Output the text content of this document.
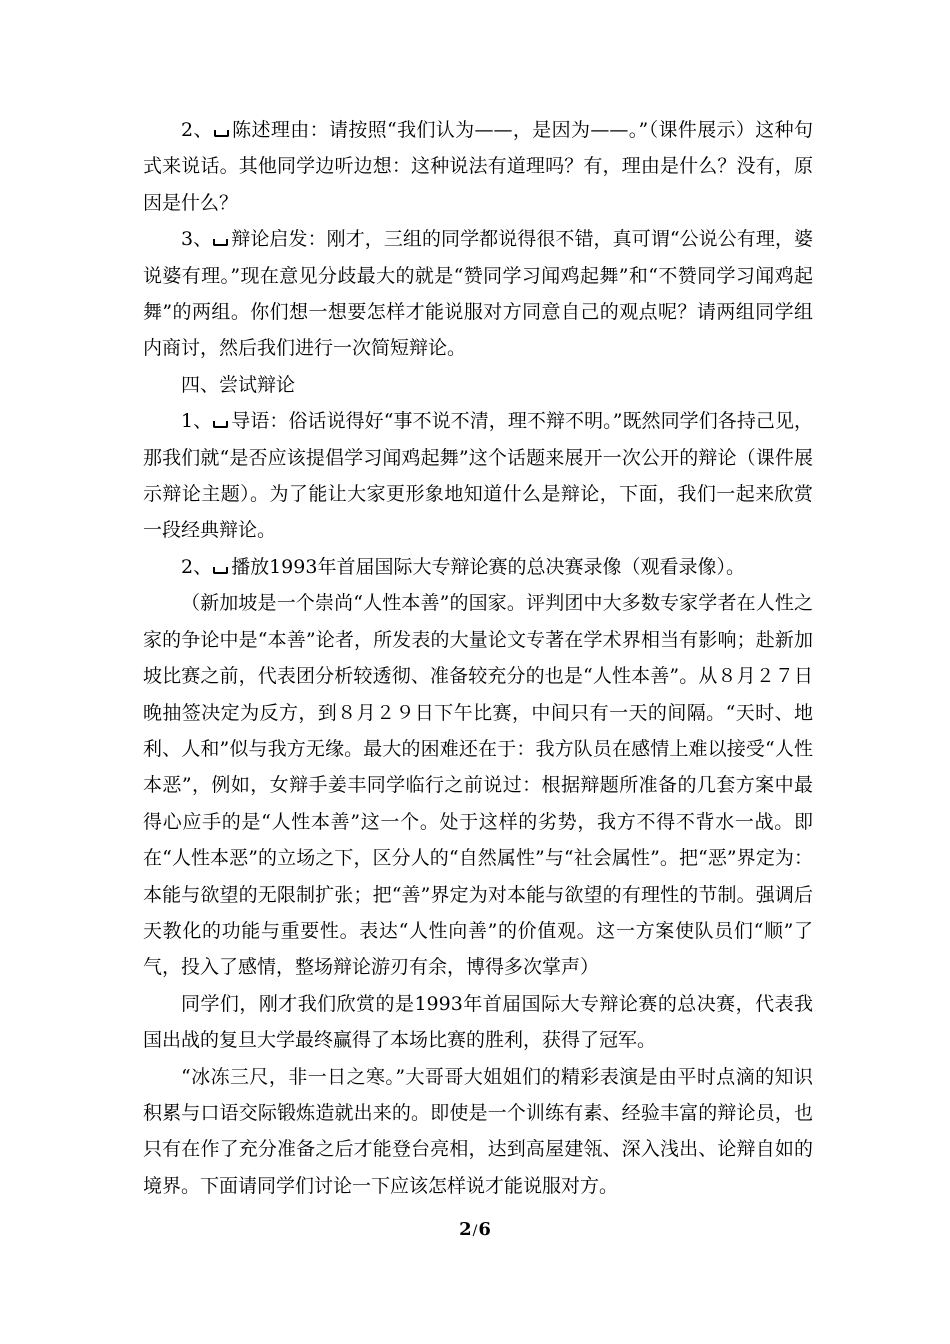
2、 陈述理由：请按照“我们认为——，是因为——。”（课件展示）这种句式来说话。其他同学边听边想：这种说法有道理吗？有，理由是什么？没有，原因是什么？

3、 辩论启发：刚才，三组的同学都说得很不错，真可谓“公说公有理，婆说婆有理。”现在意见分歧最大的就是“赞同学习闻鸡起舞”和“不赞同学习闻鸡起舞”的两组。你们想一想要怎样才能说服对方同意自己的观点呢？请两组同学组内商讨，然后我们进行一次简短辩论。

四、尝试辩论

1、 导语：俗话说得好“事不说不清，理不辩不明。”既然同学们各持己见，那我们就“是否应该提倡学习闻鸡起舞”这个话题来展开一次公开的辩论（课件展示辩论主题）。为了能让大家更形象地知道什么是辩论，下面，我们一起来欣赏一段经典辩论。

2、 播放1993年首届国际大专辩论赛的总决赛录像（观看录像）。

（新加坡是一个崇尚“人性本善”的国家。评判团中大多数专家学者在人性之家的争论中是“本善”论者，所发表的大量论文专著在学术界相当有影响；赴新加坡比赛之前，代表团分析较透彻、准备较充分的也是“人性本善”。从８月２７日晚抽签决定为反方，到８月２９日下午比赛，中间只有一天的间隔。“天时、地利、人和”似与我方无缘。最大的困难还在于：我方队员在感情上难以接受“人性本恶”，例如，女辩手姜丰同学临行之前说过：根据辩题所准备的几套方案中最得心应手的是“人性本善”这一个。处于这样的劣势，我方不得不背水一战。即在“人性本恶”的立场之下，区分人的“自然属性”与“社会属性”。把“恶”界定为：本能与欲望的无限制扩张；把“善”界定为对本能与欲望的有理性的节制。强调后天教化的功能与重要性。表达“人性向善”的价值观。这一方案使队员们“顺”了气，投入了感情，整场辩论游刃有余，博得多次掌声）

同学们，刚才我们欣赏的是1993年首届国际大专辩论赛的总决赛，代表我国出战的复旦大学最终赢得了本场比赛的胜利，获得了冠军。

“冰冻三尺，非一日之寒。”大哥哥大姐姐们的精彩表演是由平时点滴的知识积累与口语交际锻炼造就出来的。即使是一个训练有素、经验丰富的辩论员，也只有在作了充分准备之后才能登台亮相，达到高屋建瓴、深入浅出、论辩自如的境界。下面请同学们讨论一下应该怎样说才能说服对方。

2/6
